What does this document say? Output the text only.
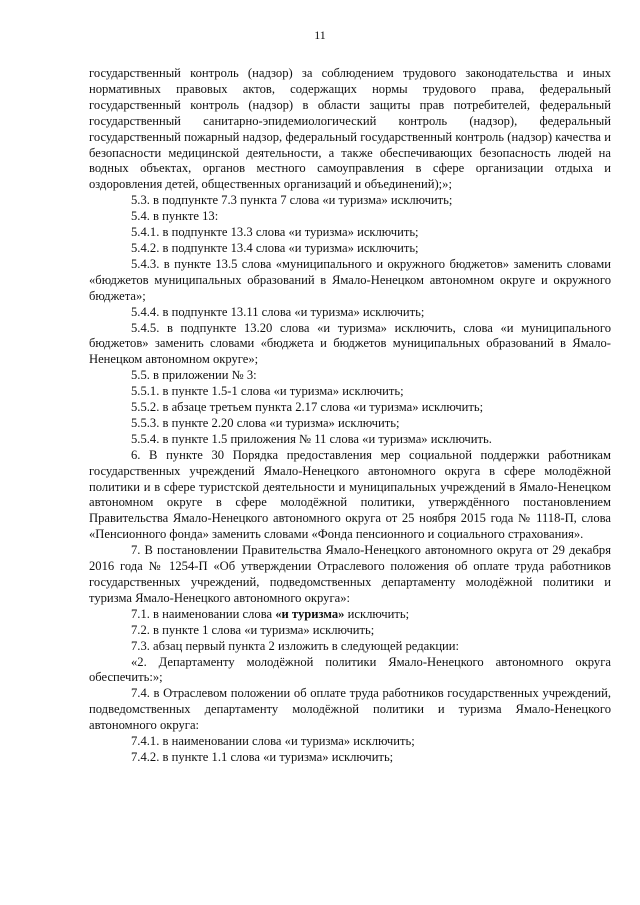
11

государственный контроль (надзор) за соблюдением трудового законодательства и иных нормативных правовых актов, содержащих нормы трудового права, федеральный государственный контроль (надзор) в области защиты прав потребителей, федеральный государственный санитарно-эпидемиологический контроль (надзор), федеральный государственный пожарный надзор, федеральный государственный контроль (надзор) качества и безопасности медицинской деятельности, а также обеспечивающих безопасность людей на водных объектах, органов местного самоуправления в сфере организации отдыха и оздоровления детей, общественных организаций и объединений);»;

5.3. в подпункте 7.3 пункта 7 слова «и туризма» исключить;

5.4. в пункте 13:

5.4.1. в подпункте 13.3 слова «и туризма» исключить;

5.4.2. в подпункте 13.4 слова «и туризма» исключить;

5.4.3. в пункте 13.5 слова «муниципального и окружного бюджетов» заменить словами «бюджетов муниципальных образований в Ямало-Ненецком автономном округе и окружного бюджета»;

5.4.4. в подпункте 13.11 слова «и туризма» исключить;

5.4.5. в подпункте 13.20 слова «и туризма» исключить, слова «и муниципального бюджетов» заменить словами «бюджета и бюджетов муниципальных образований в Ямало-Ненецком автономном округе»;

5.5. в приложении № 3:

5.5.1. в пункте 1.5-1 слова «и туризма» исключить;

5.5.2. в абзаце третьем пункта 2.17 слова «и туризма» исключить;

5.5.3. в пункте 2.20 слова «и туризма» исключить;

5.5.4. в пункте 1.5 приложения № 11 слова «и туризма» исключить.

6. В пункте 30 Порядка предоставления мер социальной поддержки работникам государственных учреждений Ямало-Ненецкого автономного округа в сфере молодёжной политики и в сфере туристской деятельности и муниципальных учреждений в Ямало-Ненецком автономном округе в сфере молодёжной политики, утверждённого постановлением Правительства Ямало-Ненецкого автономного округа от 25 ноября 2015 года № 1118-П, слова «Пенсионного фонда» заменить словами «Фонда пенсионного и социального страхования».

7. В постановлении Правительства Ямало-Ненецкого автономного округа от 29 декабря 2016 года № 1254-П «Об утверждении Отраслевого положения об оплате труда работников государственных учреждений, подведомственных департаменту молодёжной политики и туризма Ямало-Ненецкого автономного округа»:

7.1. в наименовании слова «и туризма» исключить;

7.2. в пункте 1 слова «и туризма» исключить;

7.3. абзац первый пункта 2 изложить в следующей редакции:

«2. Департаменту молодёжной политики Ямало-Ненецкого автономного округа обеспечить:»;

7.4. в Отраслевом положении об оплате труда работников государственных учреждений, подведомственных департаменту молодёжной политики и туризма Ямало-Ненецкого автономного округа:

7.4.1. в наименовании слова «и туризма» исключить;

7.4.2. в пункте 1.1 слова «и туризма» исключить;
